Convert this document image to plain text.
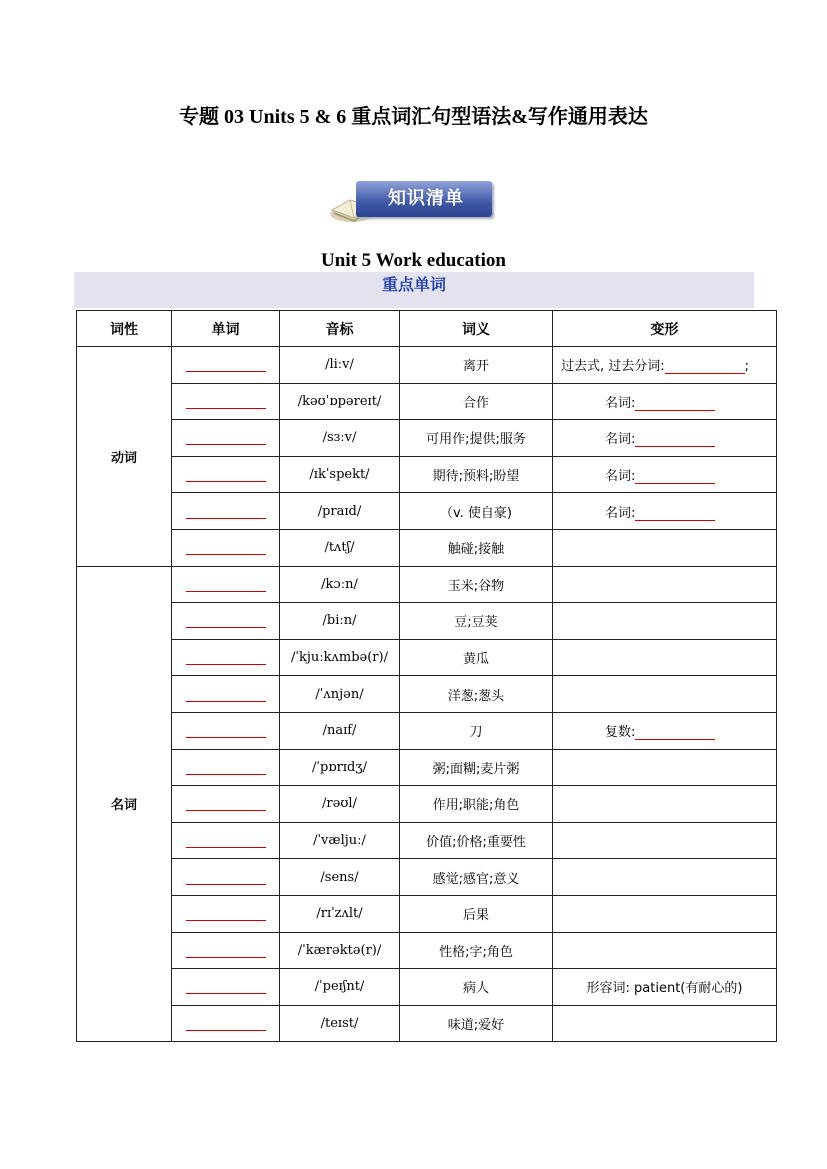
专题 03 Units 5 & 6 重点词汇句型语法&写作通用表达
知识清单
Unit 5 Work education
重点单词
词性	单词	音标	词义	变形
动词		/liːv/	离开	过去式, 过去分词: ;
		/kəʊˈɒpəreɪt/	合作	名词:
		/sɜːv/	可用作;提供;服务	名词:
		/ɪkˈspekt/	期待;预料;盼望	名词:
		/praɪd/	（v. 使自豪)	名词:
		/tʌtʃ/	触碰;接触	
名词		/kɔːn/	玉米;谷物	
		/biːn/	豆;豆荚	
		/ˈkjuːkʌmbə(r)/	黄瓜	
		/ˈʌnjən/	洋葱;葱头	
		/naɪf/	刀	复数:
		/ˈpɒrɪdʒ/	粥;面糊;麦片粥	
		/rəʊl/	作用;职能;角色	
		/ˈvæljuː/	价值;价格;重要性	
		/sens/	感觉;感官;意义	
		/rɪˈzʌlt/	后果	
		/ˈkærəktə(r)/	性格;字;角色	
		/ˈpeɪʃnt/	病人	形容词: patient(有耐心的)
		/teɪst/	味道;爱好	
